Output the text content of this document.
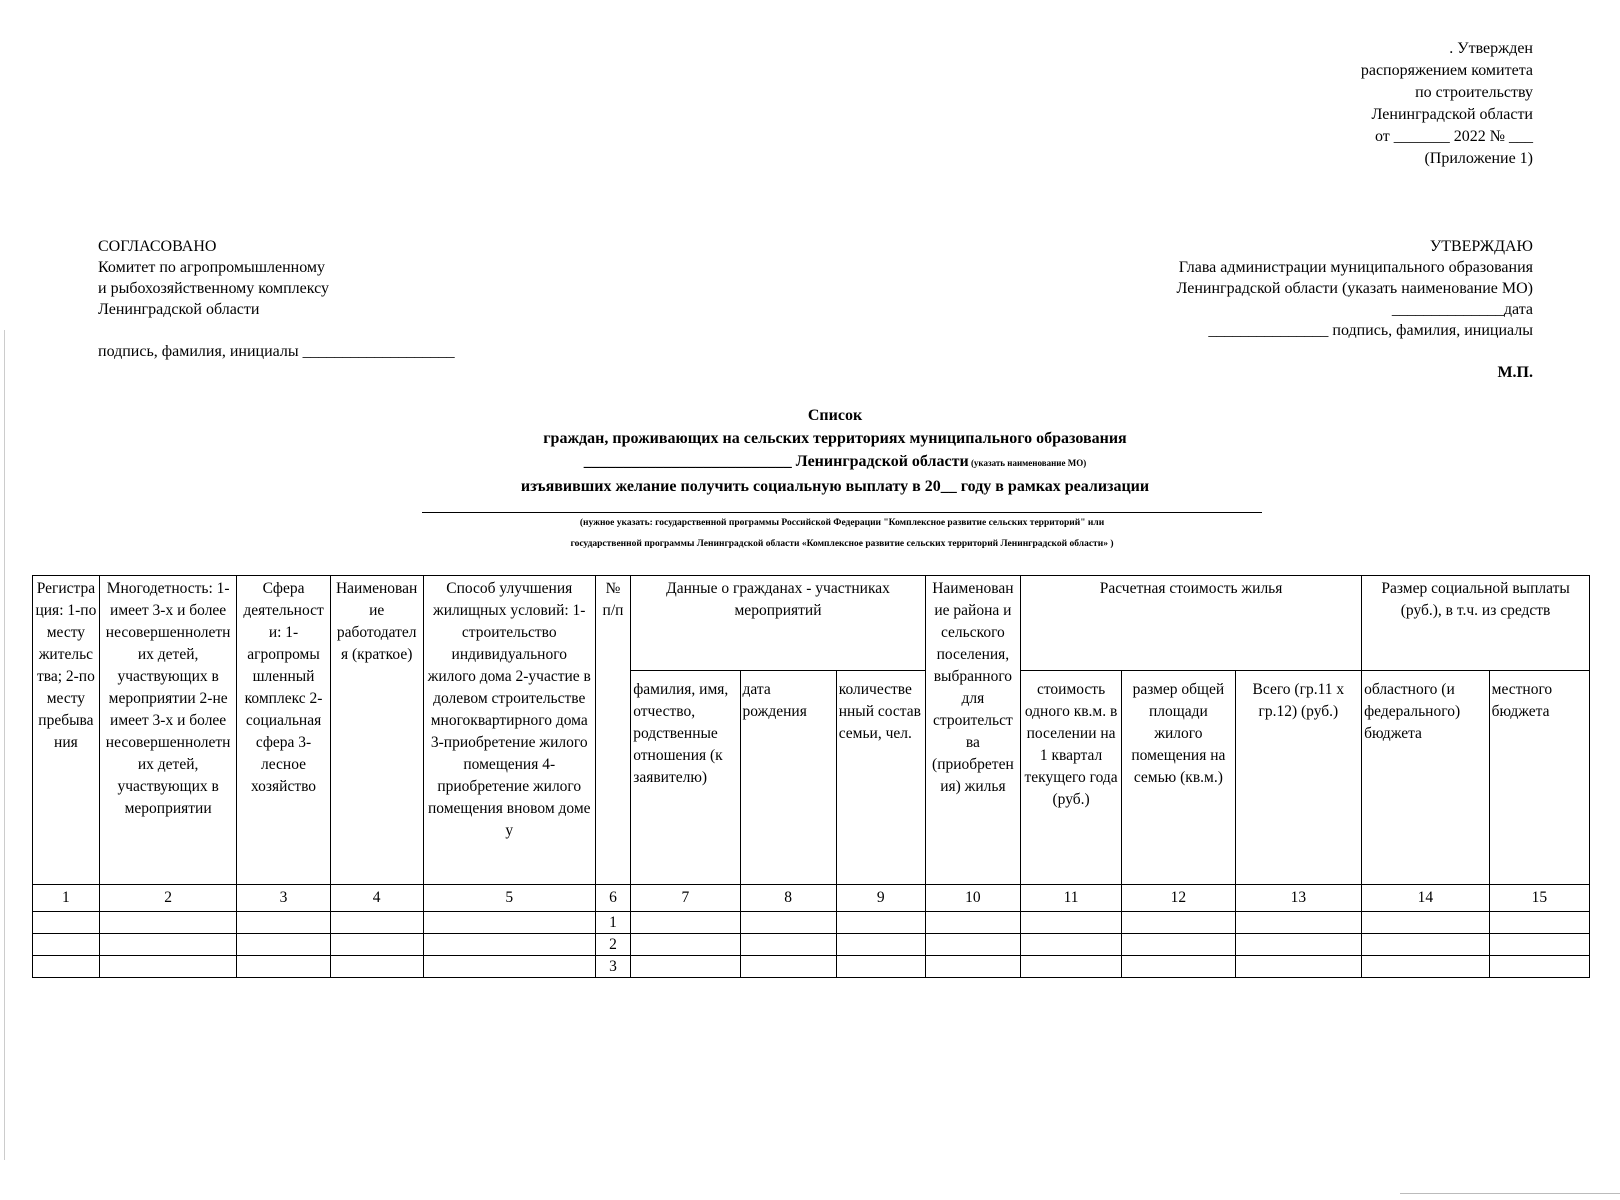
. Утвержден
распоряжением комитета
по строительству
Ленинградской области
от _______ 2022 № ___
(Приложение 1)
СОГЛАСОВАНО
Комитет по агропромышленному
и рыбохозяйственному комплексу
Ленинградской области
подпись, фамилия, инициалы ___________________
УТВЕРЖДАЮ
Глава администрации муниципального образования
Ленинградской области (указать наименование МО)
______________дата
_______________ подпись, фамилия, инициалы
М.П.
Список
граждан, проживающих на сельских территориях муниципального образования
__________________________ Ленинградской области (указать наименование МО)
изъявивших желание получить социальную выплату в 20__ году в рамках реализации
(нужное указать: государственной программы Российской Федерации "Комплексное развитие сельских территорий" или
государственной программы Ленинградской области «Комплексное развитие сельских территорий Ленинградской области» )
Регистра ция: 1-по месту жительс тва; 2-по месту пребыва ния	Многодетность: 1-имеет 3-х и более несовершеннолетн их детей, участвующих в мероприятии 2-не имеет 3-х и более несовершеннолетн их детей, участвующих в мероприятии	Сфера деятельност и: 1- агропромы шленный комплекс 2- социальная сфера 3-лесное хозяйство	Наименован ие работодател я (краткое)	Способ улучшения жилищных условий: 1-строительство индивидуального жилого дома 2-участие в долевом строительстве многоквартирного дома 3-приобретение жилого помещения 4-приобретение жилого помещения вновом доме у	№ п/п	Данные о гражданах - участниках мероприятий			Наименован ие района и сельского поселения, выбранного для строительст ва (приобретен ия) жилья	Расчетная стоимость жилья			Размер социальной выплаты (руб.), в т.ч. из средств	
						фамилия, имя, отчество, родственные отношения (к заявителю)	дата рождения	количестве нный состав семьи, чел.		стоимость одного кв.м. в поселении на 1 квартал текущего года (руб.)	размер общей площади жилого помещения на семью (кв.м.)	Всего (гр.11 x гр.12) (руб.)	областного (и федерального) бюджета	местного бюджета
1	2	3	4	5	6	7	8	9	10	11	12	13	14	15
					1									
					2									
					3									
